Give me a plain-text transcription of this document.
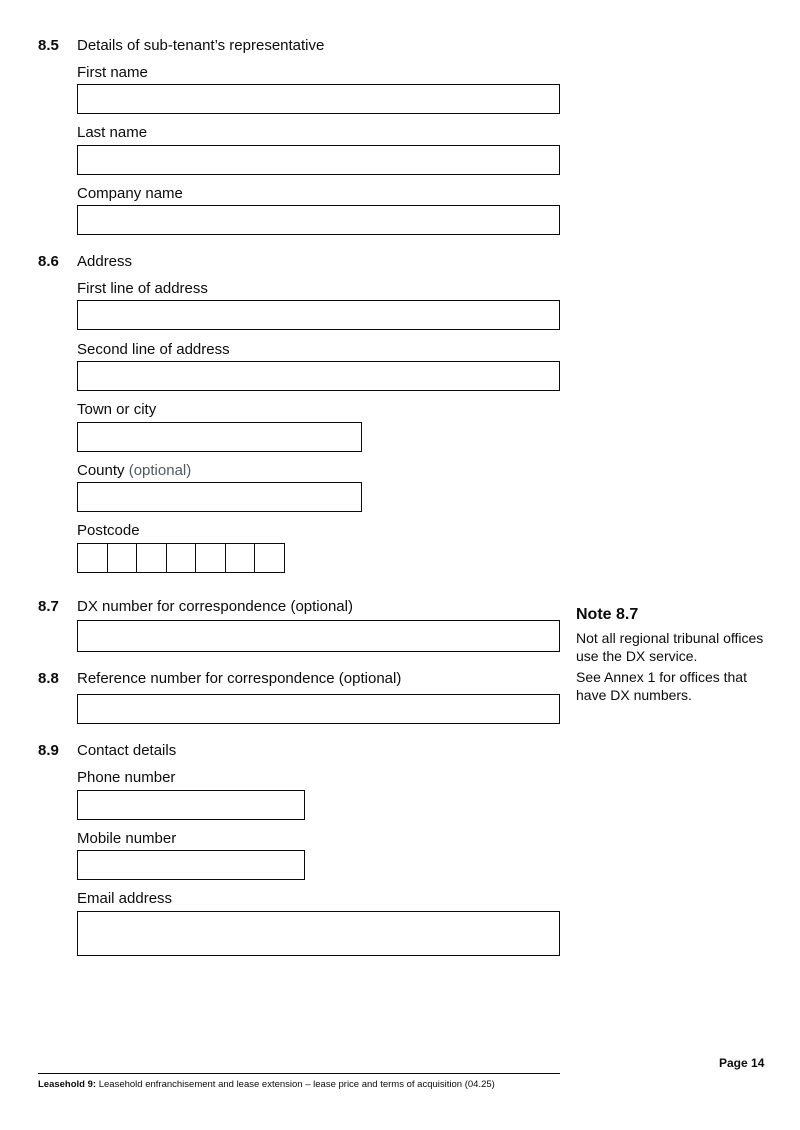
8.5 Details of sub-tenant’s representative
First name
Last name
Company name
8.6 Address
First line of address
Second line of address
Town or city
County (optional)
Postcode
8.7 DX number for correspondence (optional)
8.8 Reference number for correspondence (optional)
8.9 Contact details
Phone number
Mobile number
Email address
Note 8.7
Not all regional tribunal offices use the DX service.
See Annex 1 for offices that have DX numbers.
Page 14
Leasehold 9: Leasehold enfranchisement and lease extension – lease price and terms of acquisition (04.25)
